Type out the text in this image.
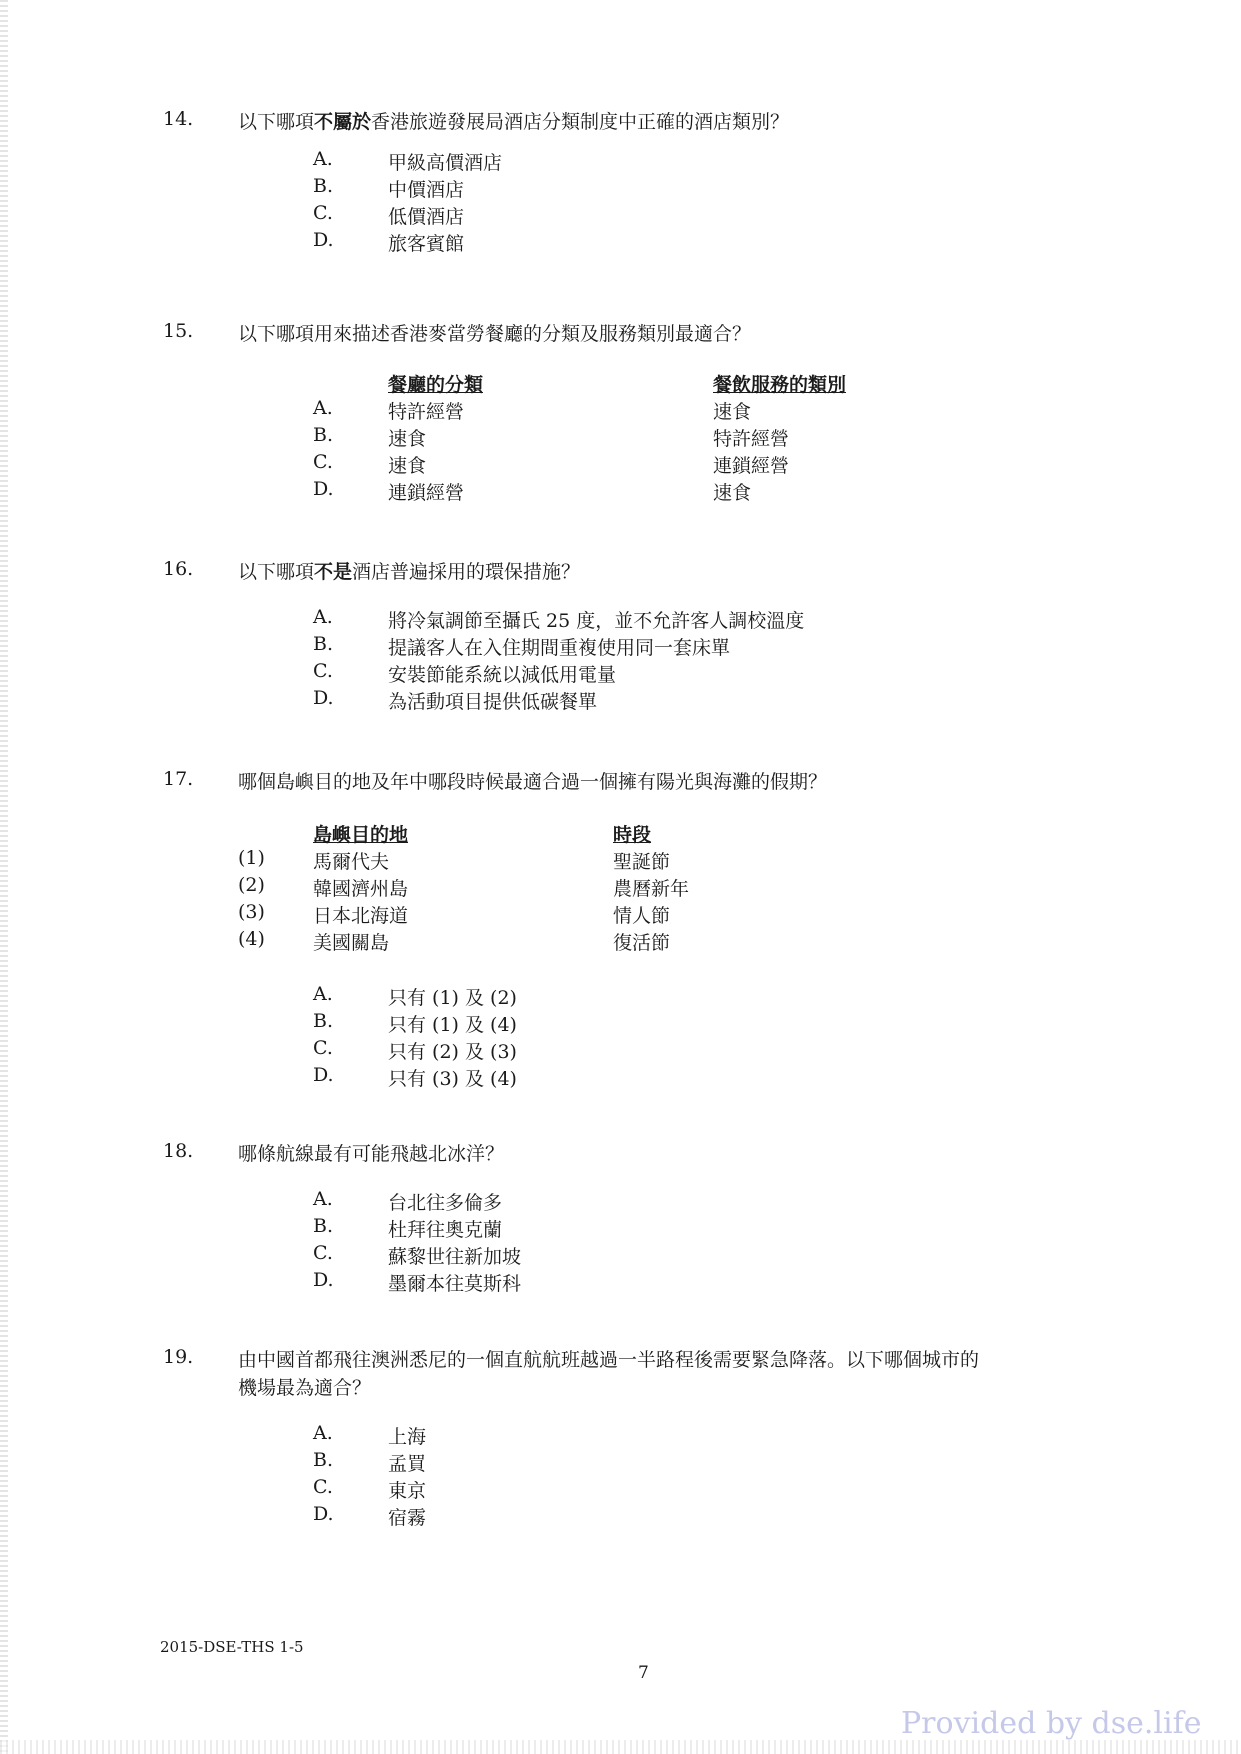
14. 以下哪項不屬於香港旅遊發展局酒店分類制度中正確的酒店類別？
A.	甲級高價酒店
B.	中價酒店
C.	低價酒店
D.	旅客賓館
15. 以下哪項用來描述香港麥當勞餐廳的分類及服務類別最適合？
餐廳的分類	餐飲服務的類別
A.	特許經營	速食
B.	速食	特許經營
C.	速食	連鎖經營
D.	連鎖經營	速食
16. 以下哪項不是酒店普遍採用的環保措施？
A.	將冷氣調節至攝氏 25 度，並不允許客人調校溫度
B.	提議客人在入住期間重複使用同一套床單
C.	安裝節能系統以減低用電量
D.	為活動項目提供低碳餐單
17. 哪個島嶼目的地及年中哪段時候最適合過一個擁有陽光與海灘的假期？
島嶼目的地	時段
(1)	馬爾代夫	聖誕節
(2)	韓國濟州島	農曆新年
(3)	日本北海道	情人節
(4)	美國關島	復活節
A.	只有 (1) 及 (2)
B.	只有 (1) 及 (4)
C.	只有 (2) 及 (3)
D.	只有 (3) 及 (4)
18. 哪條航線最有可能飛越北冰洋？
A.	台北往多倫多
B.	杜拜往奧克蘭
C.	蘇黎世往新加坡
D.	墨爾本往莫斯科
19. 由中國首都飛往澳洲悉尼的一個直航航班越過一半路程後需要緊急降落。以下哪個城市的
機場最為適合？
A.	上海
B.	孟買
C.	東京
D.	宿霧
2015-DSE-THS 1-5
7
Provided by dse.life
